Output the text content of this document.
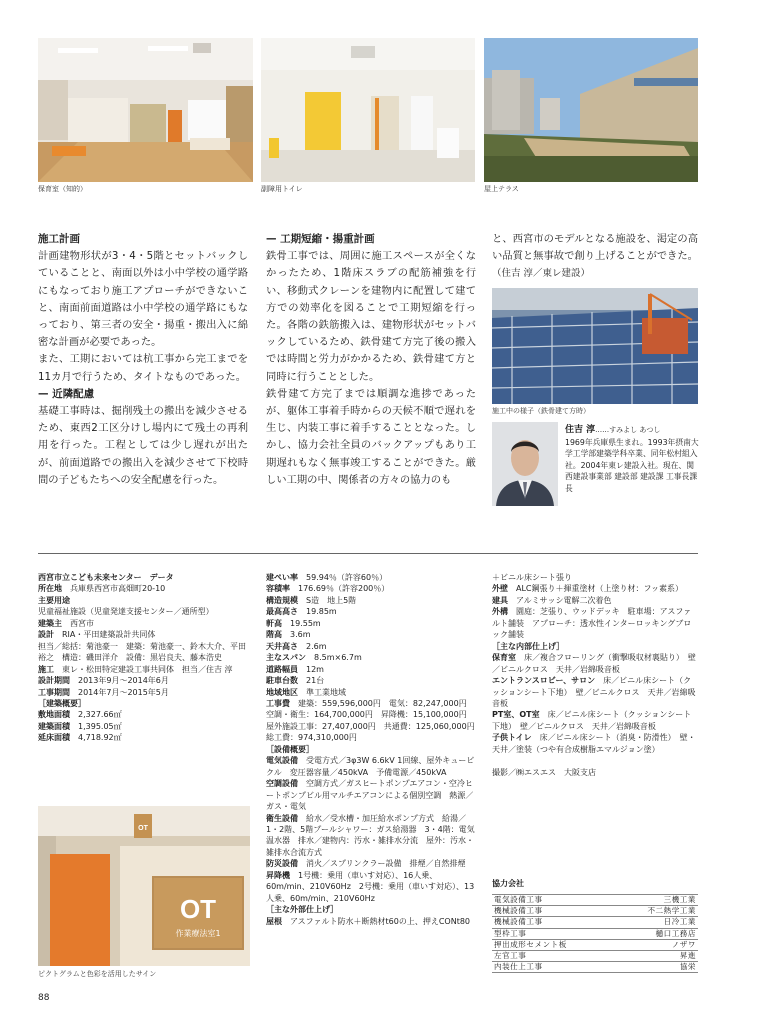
保育室（知的）	副障用トイレ	屋上テラス
施工計画

計画建物形状が3・4・5階とセットバックしていることと、南面以外は小中学校の通学路にもなっており施工アプローチができないこと、南面前面道路は小中学校の通学路にもなっており、第三者の安全・揚重・搬出入に綿密な計画が必要であった。

また、工期においては杭工事から完工までを11カ月で行うため、タイトなものであった。

— 近隣配慮

基礎工事時は、掘削残土の搬出を減少させるため、東西2工区分けし場内にて残土の再利用を行った。工程としては少し遅れが出たが、前面道路での搬出入を減少させて下校時間の子どもたちへの安全配慮を行った。

— 工期短縮・揚重計画

鉄骨工事では、周囲に施工スペースが全くなかったため、1階床スラブの配筋補強を行い、移動式クレーンを建物内に配置して建て方での効率化を図ることで工期短縮を行った。各階の鉄筋搬入は、建物形状がセットバックしているため、鉄骨建て方完了後の搬入では時間と労力がかかるため、鉄骨建て方と同時に行うこととした。

鉄骨建て方完了までは順調な進捗であったが、躯体工事着手時からの天候不順で遅れを生じ、内装工事に着手することとなった。しかし、協力会社全員のバックアップもあり工期遅れもなく無事竣工することができた。厳しい工期の中、関係者の方々の協力のも

と、西宮市のモデルとなる施設を、渇定の高い品質と無事故で創り上げることができた。

（住吉 淳／東レ建設）

施工中の様子（鉄骨建て方時）
住吉 淳……すみよし あつし
1969年兵庫県生まれ。1993年摂南大学工学部建築学科卒業、同年松村組入社。2004年東レ建設入社。現在、関西建設事業部 建設部 建設課 工事長課長
西宮市立こども未来センター　データ
所在地　 兵庫県西宮市高畑町20-10
主要用途　児童福祉施設（児童発達支援センター／通所型）
建築主　 西宮市
設計　 RIA・平田建築設計共同体
担当／総括：菊池豪一　建築：菊池豪一、鈴木大介、平田裕之　構造：磯田洋介　設備：黒岩良夫、藤本浩史
施工　 東レ・松田特定建設工事共同体　担当／住吉 淳
設計期間　 2013年9月〜2014年6月
工事期間　 2014年7月〜2015年5月
［建築概要］
敷地面積　 2,327.66㎡
建築面積　 1,395.05㎡
延床面積　 4,718.92㎡
建ぺい率　 59.94％（許容60％）
容積率　 176.69％（許容200％）
構造規模　 S造　地上5階
最高高さ　 19.85m
軒高　 19.55m
階高　 3.6m
天井高さ　 2.6m
主なスパン　 8.5m×6.7m
道路幅員　 12m
駐車台数　 21台
地域地区　 準工業地域
工事費　 建築：559,596,000円　電気：82,247,000円　空調・衛生：164,700,000円　昇降機：15,100,000円　屋外施設工事：27,407,000円　共通費：125,060,000円　総工費：974,310,000円
［設備概要］
電気設備　 受電方式／3φ3W 6.6kV 1回線、屋外キュービクル　変圧器容量／450kVA　予備電源／450kVA
空調設備　 空調方式／ガスヒートポンプエアコン・空冷ヒートポンプビル用マルチエアコンによる個別空調　熱源／ガス・電気
衛生設備　 給水／受水槽・加圧給水ポンプ方式　給湯／1・2階、5階プールシャワー：ガス給湯器　3・4階：電気温水器　排水／建物内：汚水・雑排水分流　屋外：汚水・雑排水合流方式
防災設備　 消火／スプリンクラー設備　排煙／自然排煙
昇降機　 1号機：乗用（車いす対応）、16人乗、60m/min、210V60Hz　2号機：乗用（車いす対応）、13人乗、60m/min、210V60Hz
［主な外部仕上げ］
屋根　 アスファルト防水＋断熱材t60の上、押えCONt80
＋ビニル床シート張り
外壁　 ALC鋼張り＋揮重塗材（上塗り材：フッ素系）
建具　 アルミサッシ電解二次着色
外構　 園庭：芝張り、ウッドデッキ　駐車場：アスファルト舗装　アプローチ：透水性インターロッキングブロック舗装
［主な内部仕上げ］
保育室　 床／複合フローリング（衝撃吸収材裏貼り）　壁／ビニルクロス　天井／岩綿吸音板
エントランスロビー、サロン　 床／ビニル床シート（クッションシート下地）　壁／ビニルクロス　天井／岩綿吸音板
PT室、OT室　 床／ビニル床シート（クッションシート下地）　壁／ビニルクロス　天井／岩綿吸音板
子供トイレ　 床／ビニル床シート（消臭・防滑性）　壁・天井／塗装（つや有合成樹脂エマルジョン塗）

撮影／㈱エスエス　大阪支店
OT
作業療法室1
OT
ピクトグラムと色彩を活用したサイン
協力会社
電気設備工事	三機工業
機械設備工事	不二熱学工業
機械設備工事	日冷工業
型枠工事	樋口工務店
押出成形セメント板	ノザワ
左官工事	昇進
内装仕上工事	協栄
88
